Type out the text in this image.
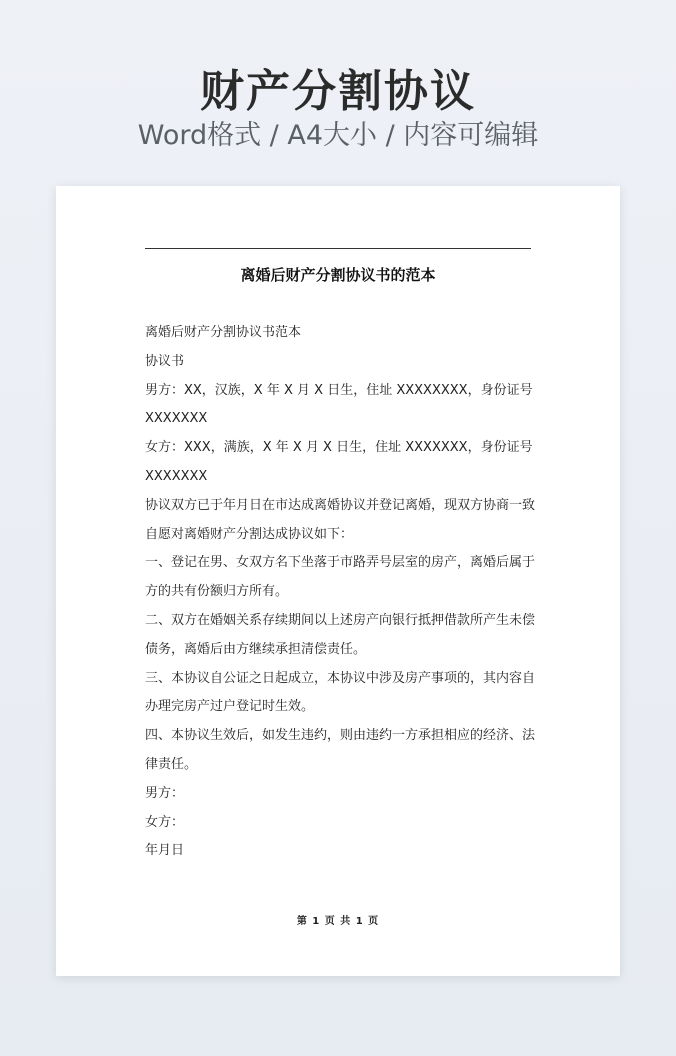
财产分割协议
Word格式 / A4大小 / 内容可编辑
离婚后财产分割协议书的范本
离婚后财产分割协议书范本
协议书
男方：XX，汉族，X 年 X 月 X 日生，住址 XXXXXXXX，身份证号
XXXXXXX
女方：XXX，满族，X 年 X 月 X 日生，住址 XXXXXXX，身份证号
XXXXXXX
协议双方已于年月日在市达成离婚协议并登记离婚，现双方协商一致
自愿对离婚财产分割达成协议如下：
一、登记在男、女双方名下坐落于市路弄号层室的房产，离婚后属于
方的共有份额归方所有。
二、双方在婚姻关系存续期间以上述房产向银行抵押借款所产生未偿
债务，离婚后由方继续承担清偿责任。
三、本协议自公证之日起成立，本协议中涉及房产事项的，其内容自
办理完房产过户登记时生效。
四、本协议生效后，如发生违约，则由违约一方承担相应的经济、法
律责任。
男方：
女方：
年月日
第 1 页 共 1 页
